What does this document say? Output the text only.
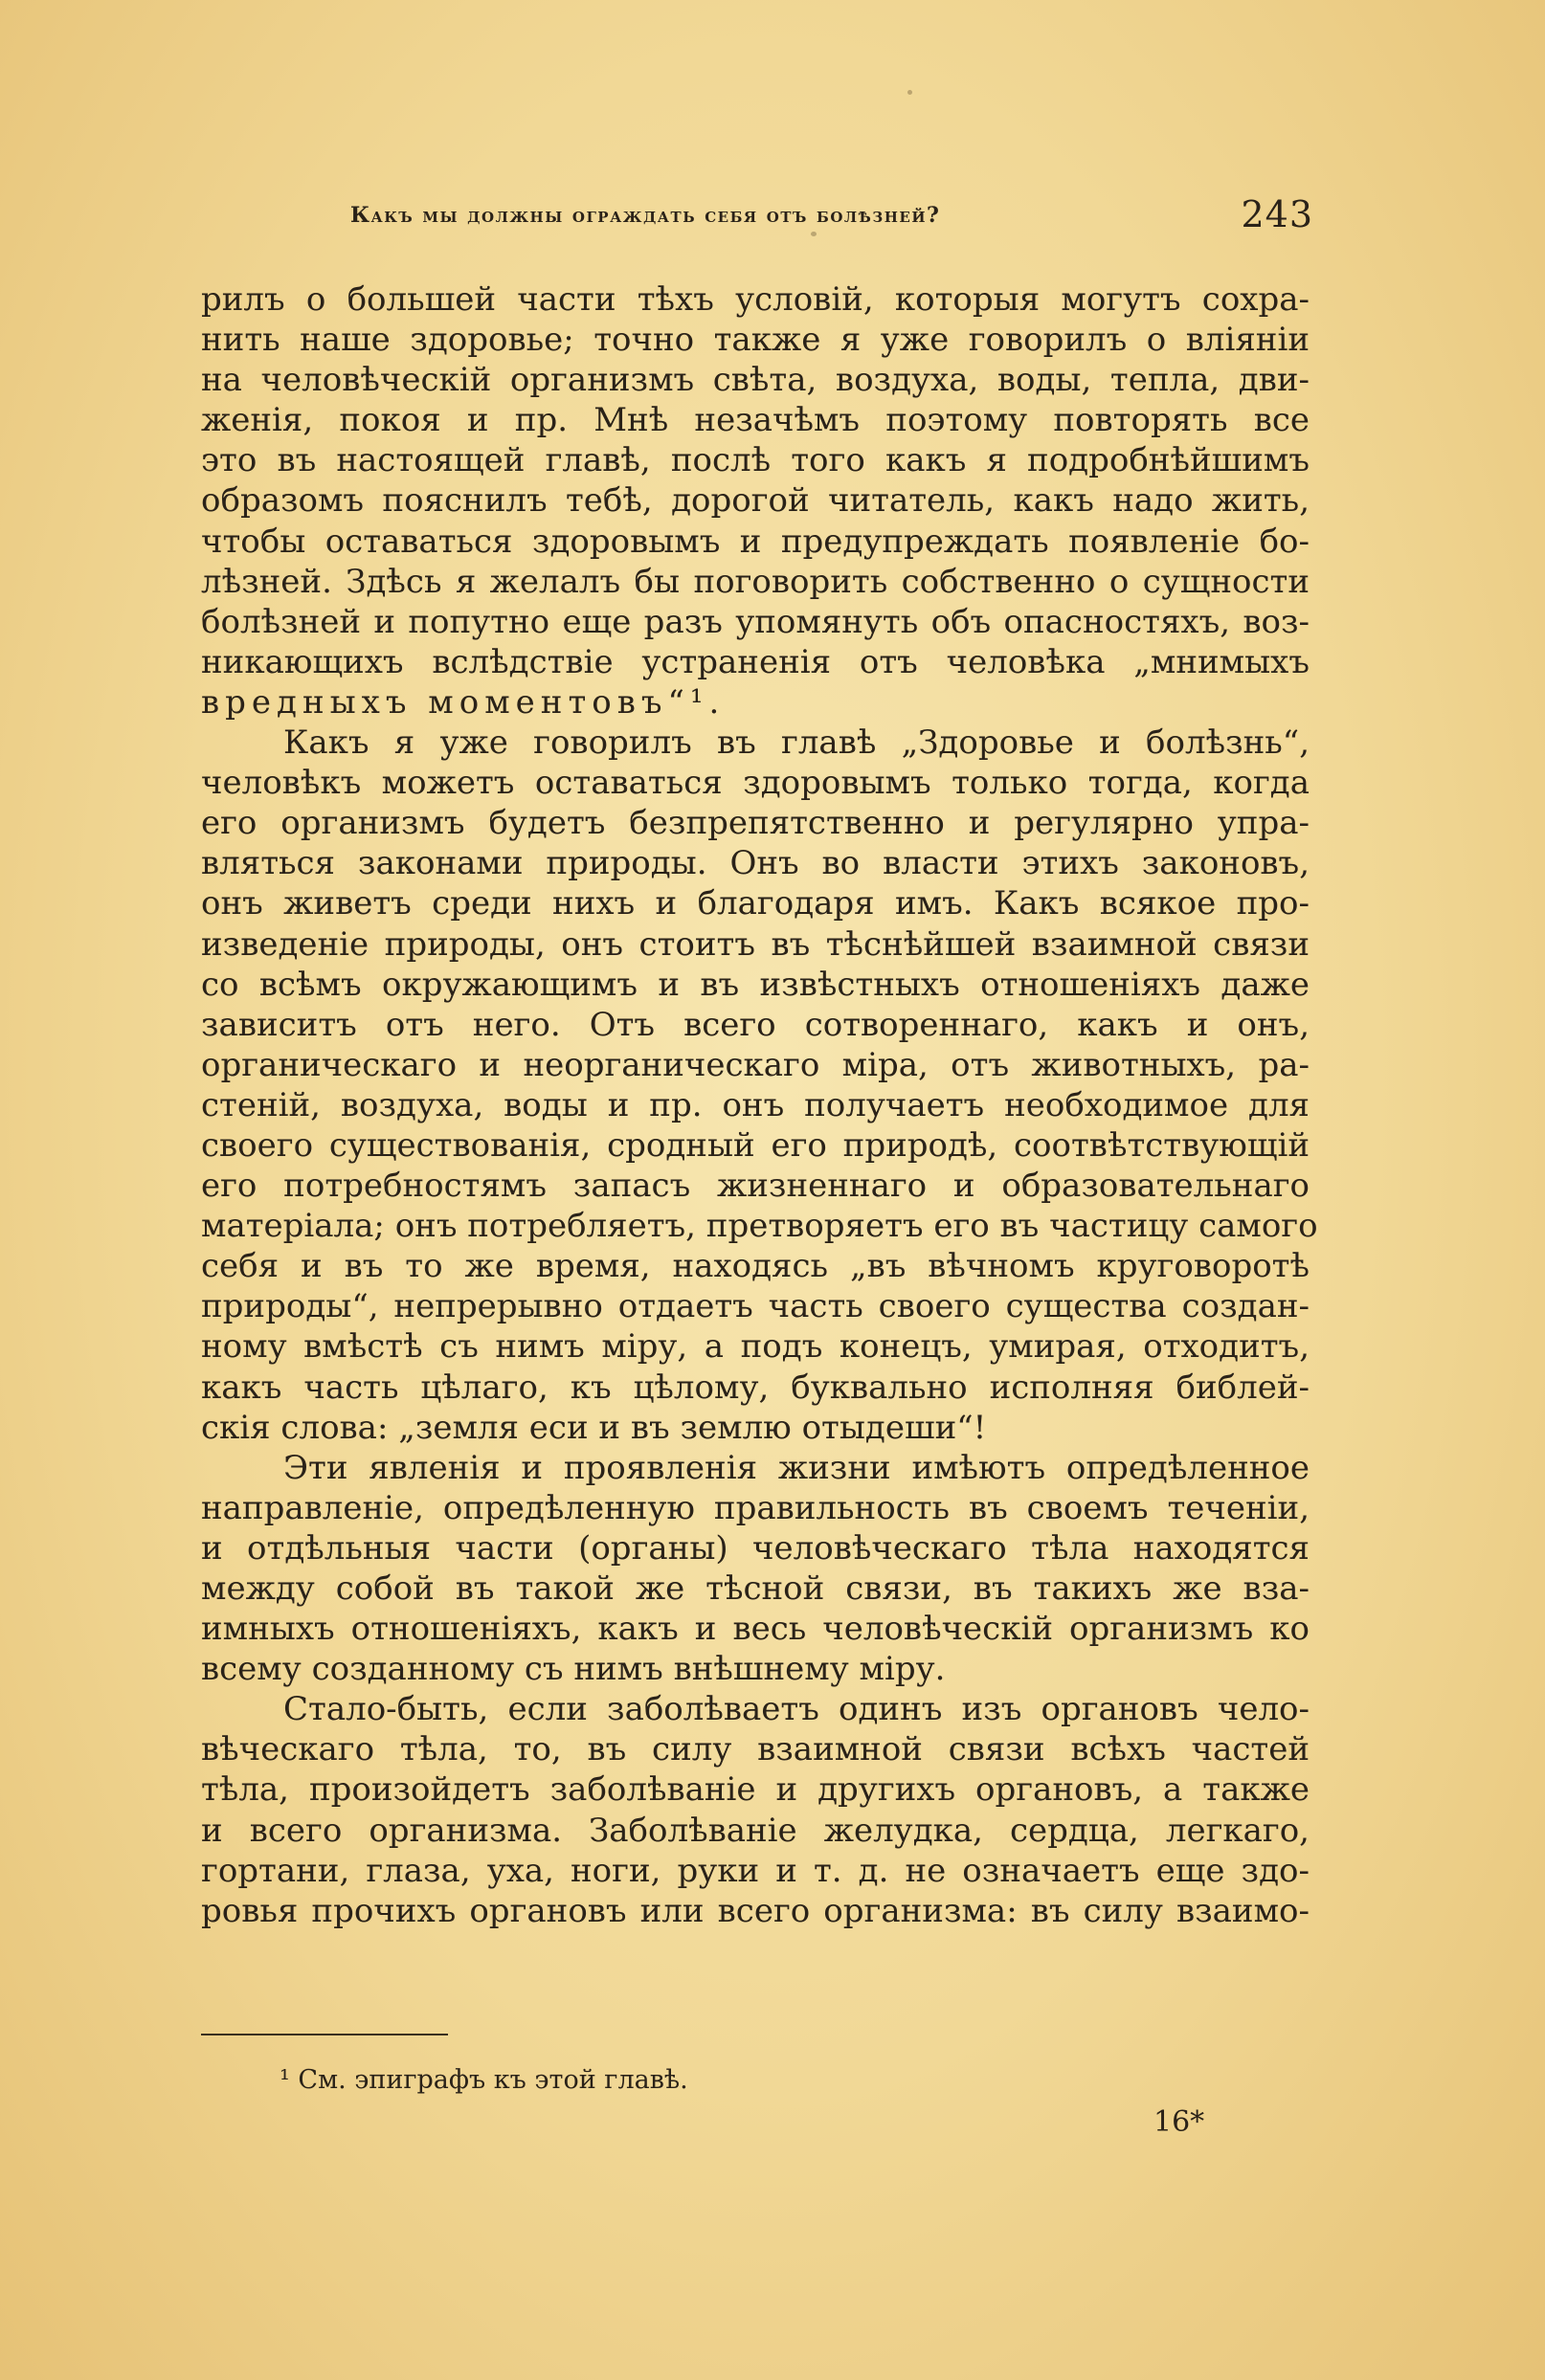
Какъ мы должны ограждать себя отъ болѣзней?	243
рилъ о большей части тѣхъ условій, которыя могутъ сохра-
нить наше здоровье; точно также я уже говорилъ о вліяніи
на человѣческій организмъ свѣта, воздуха, воды, тепла, дви-
женія, покоя и пр. Мнѣ незачѣмъ поэтому повторять все
это въ настоящей главѣ, послѣ того какъ я подробнѣйшимъ
образомъ пояснилъ тебѣ, дорогой читатель, какъ надо жить,
чтобы оставаться здоровымъ и предупреждать появленіе бо-
лѣзней. Здѣсь я желалъ бы поговорить собственно о сущности
болѣзней и попутно еще разъ упомянуть объ опасностяхъ, воз-
никающихъ вслѣдствіе устраненія отъ человѣка „мнимыхъ
вредныхъ моментовъ“¹.
Какъ я уже говорилъ въ главѣ „Здоровье и болѣзнь“,
человѣкъ можетъ оставаться здоровымъ только тогда, когда
его организмъ будетъ безпрепятственно и регулярно упра-
вляться законами природы. Онъ во власти этихъ законовъ,
онъ живетъ среди нихъ и благодаря имъ. Какъ всякое про-
изведеніе природы, онъ стоитъ въ тѣснѣйшей взаимной связи
со всѣмъ окружающимъ и въ извѣстныхъ отношеніяхъ даже
зависитъ отъ него. Отъ всего сотвореннаго, какъ и онъ,
органическаго и неорганическаго міра, отъ животныхъ, ра-
стеній, воздуха, воды и пр. онъ получаетъ необходимое для
своего существованія, сродный его природѣ, соотвѣтствующій
его потребностямъ запасъ жизненнаго и образовательнаго
матеріала; онъ потребляетъ, претворяетъ его въ частицу самого
себя и въ то же время, находясь „въ вѣчномъ круговоротѣ
природы“, непрерывно отдаетъ часть своего существа создан-
ному вмѣстѣ съ нимъ міру, а подъ конецъ, умирая, отходитъ,
какъ часть цѣлаго, къ цѣлому, буквально исполняя библей-
скія слова: „земля еси и въ землю отыдеши“!
Эти явленія и проявленія жизни имѣютъ опредѣленное
направленіе, опредѣленную правильность въ своемъ теченіи,
и отдѣльныя части (органы) человѣческаго тѣла находятся
между собой въ такой же тѣсной связи, въ такихъ же вза-
имныхъ отношеніяхъ, какъ и весь человѣческій организмъ ко
всему созданному съ нимъ внѣшнему міру.
Стало-быть, если заболѣваетъ одинъ изъ органовъ чело-
вѣческаго тѣла, то, въ силу взаимной связи всѣхъ частей
тѣла, произойдетъ заболѣваніе и другихъ органовъ, а также
и всего организма. Заболѣваніе желудка, сердца, легкаго,
гортани, глаза, уха, ноги, руки и т. д. не означаетъ еще здо-
ровья прочихъ органовъ или всего организма: въ силу взаимо-
¹ См. эпиграфъ къ этой главѣ.
16*
